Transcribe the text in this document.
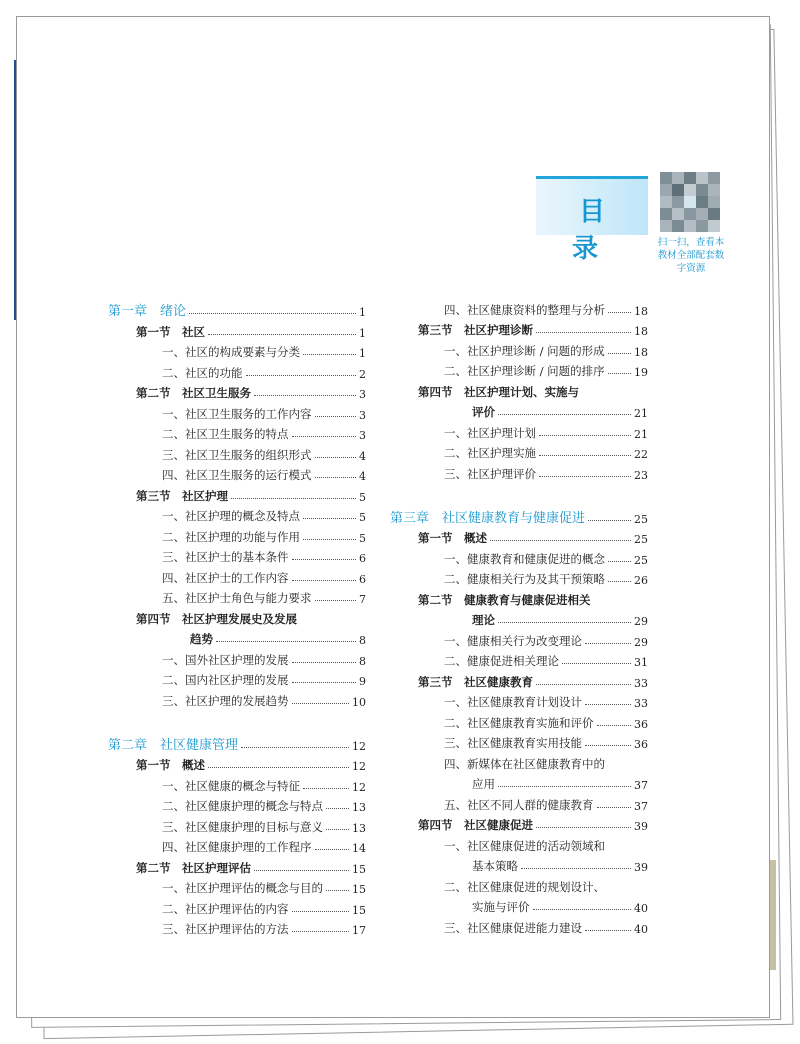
目 录	扫一扫，查看本教材全部配套数字资源
第一章　绪论	1
第一节　社区	1
一、社区的构成要素与分类	1
二、社区的功能	2
第二节　社区卫生服务	3
一、社区卫生服务的工作内容	3
二、社区卫生服务的特点	3
三、社区卫生服务的组织形式	4
四、社区卫生服务的运行模式	4
第三节　社区护理	5
一、社区护理的概念及特点	5
二、社区护理的功能与作用	5
三、社区护士的基本条件	6
四、社区护士的工作内容	6
五、社区护士角色与能力要求	7
第四节　社区护理发展史及发展
趋势	8
一、国外社区护理的发展	8
二、国内社区护理的发展	9
三、社区护理的发展趋势	10
第二章　社区健康管理	12
第一节　概述	12
一、社区健康的概念与特征	12
二、社区健康护理的概念与特点	13
三、社区健康护理的目标与意义	13
四、社区健康护理的工作程序	14
第二节　社区护理评估	15
一、社区护理评估的概念与目的	15
二、社区护理评估的内容	15
三、社区护理评估的方法	17
四、社区健康资料的整理与分析	18
第三节　社区护理诊断	18
一、社区护理诊断 / 问题的形成	18
二、社区护理诊断 / 问题的排序	19
第四节　社区护理计划、实施与
评价	21
一、社区护理计划	21
二、社区护理实施	22
三、社区护理评价	23
第三章　社区健康教育与健康促进	25
第一节　概述	25
一、健康教育和健康促进的概念	25
二、健康相关行为及其干预策略	26
第二节　健康教育与健康促进相关
理论	29
一、健康相关行为改变理论	29
二、健康促进相关理论	31
第三节　社区健康教育	33
一、社区健康教育计划设计	33
二、社区健康教育实施和评价	36
三、社区健康教育实用技能	36
四、新媒体在社区健康教育中的
应用	37
五、社区不同人群的健康教育	37
第四节　社区健康促进	39
一、社区健康促进的活动领域和
基本策略	39
二、社区健康促进的规划设计、
实施与评价	40
三、社区健康促进能力建设	40
